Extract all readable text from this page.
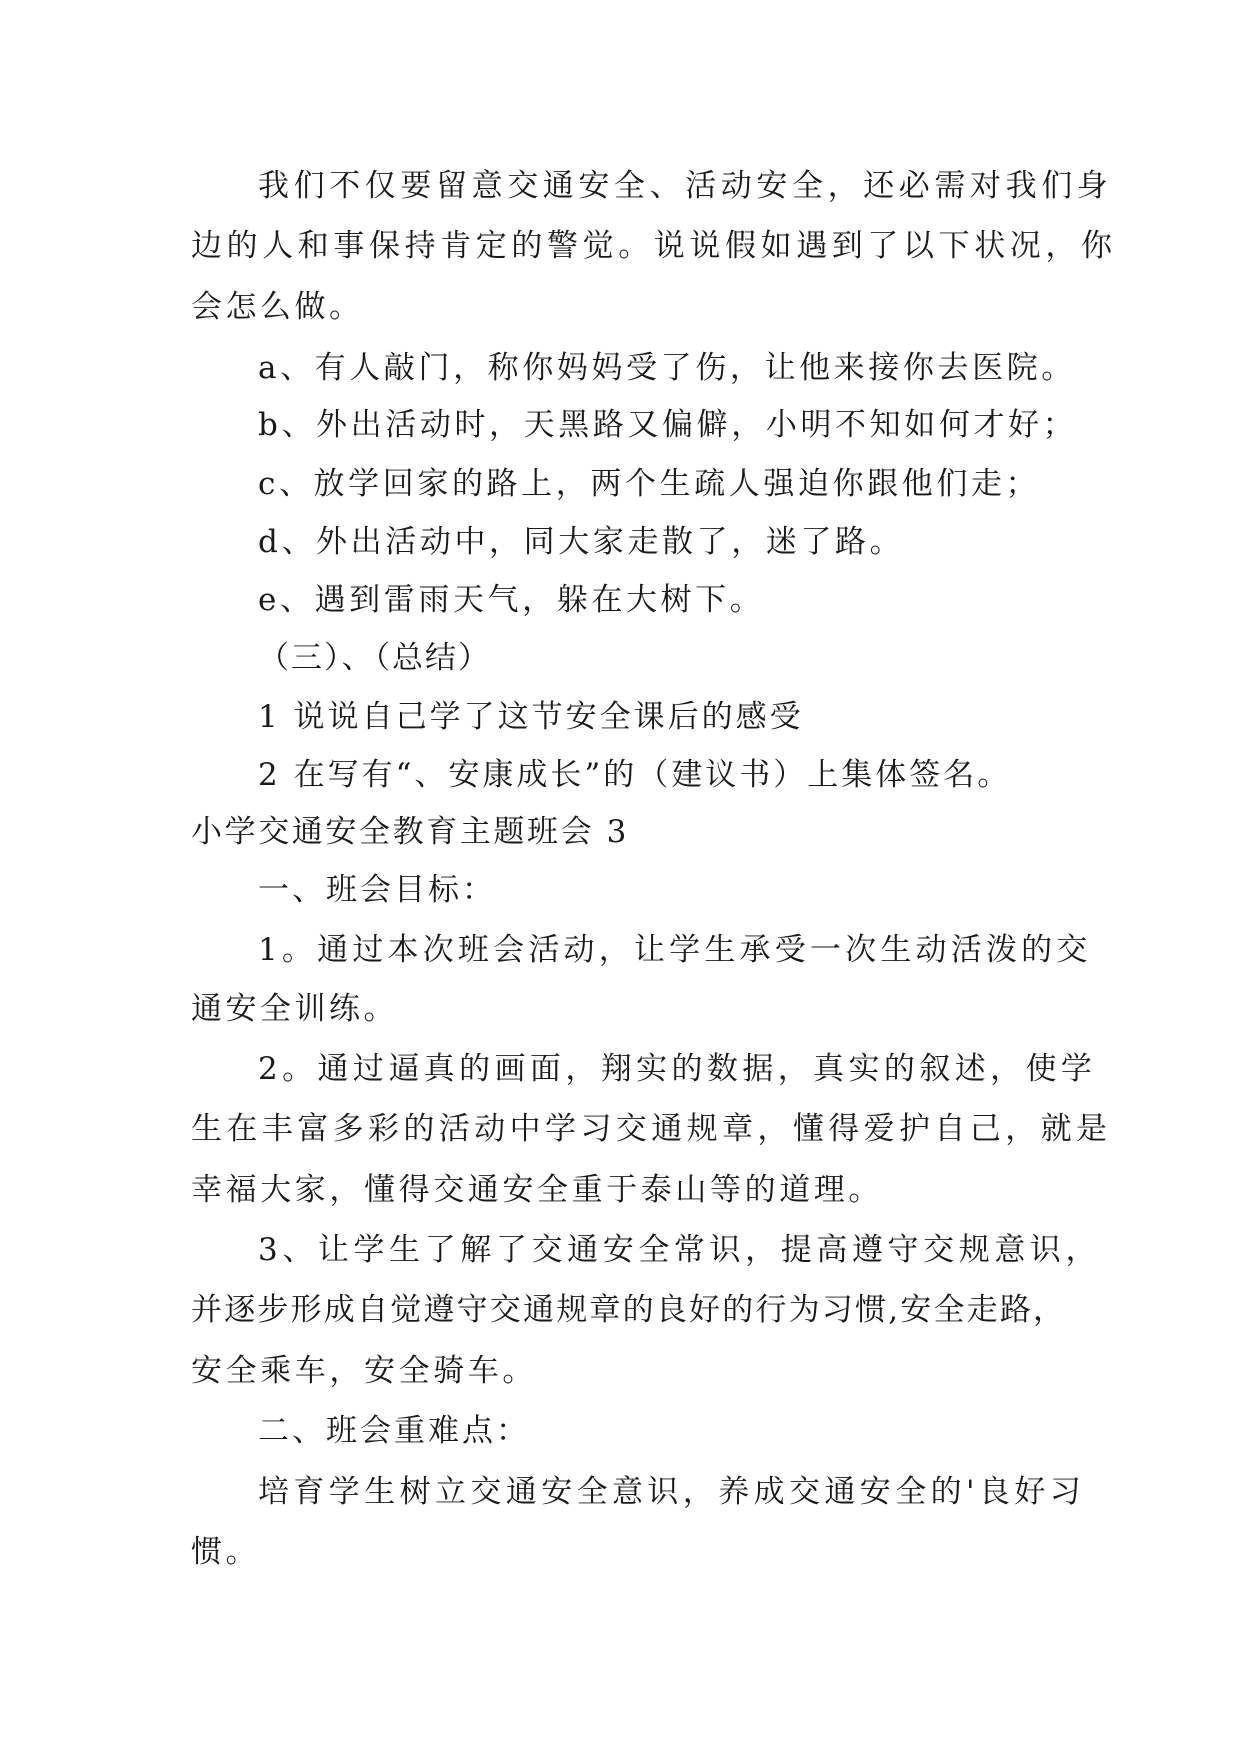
我们不仅要留意交通安全、活动安全，还必需对我们身

边的人和事保持肯定的警觉。说说假如遇到了以下状况，你

会怎么做。

a、有人敲门，称你妈妈受了伤，让他来接你去医院。

b、外出活动时，天黑路又偏僻，小明不知如何才好；

c、放学回家的路上，两个生疏人强迫你跟他们走；

d、外出活动中，同大家走散了，迷了路。

e、遇到雷雨天气，躲在大树下。

（三）、（总结）

1 说说自己学了这节安全课后的感受

2 在写有“、安康成长”的（建议书）上集体签名。

小学交通安全教育主题班会 3

一、班会目标：

1。通过本次班会活动，让学生承受一次生动活泼的交

通安全训练。

2。通过逼真的画面，翔实的数据，真实的叙述，使学

生在丰富多彩的活动中学习交通规章，懂得爱护自己，就是

幸福大家，懂得交通安全重于泰山等的道理。

3、让学生了解了交通安全常识，提高遵守交规意识，

并逐步形成自觉遵守交通规章的良好的行为习惯,安全走路，

安全乘车，安全骑车。

二、班会重难点：

培育学生树立交通安全意识，养成交通安全的'良好习

惯。
